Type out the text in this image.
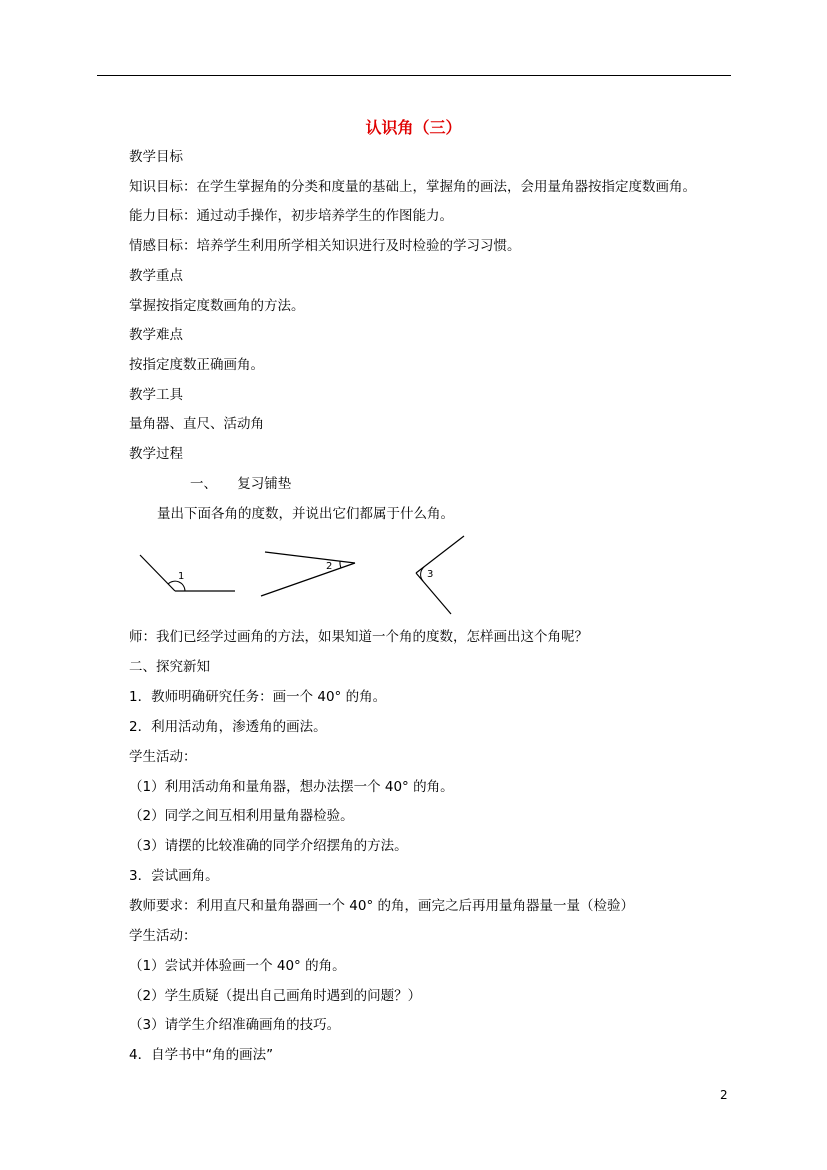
认识角（三）
教学目标
知识目标：在学生掌握角的分类和度量的基础上，掌握角的画法，会用量角器按指定度数画角。
能力目标：通过动手操作，初步培养学生的作图能力。
情感目标：培养学生利用所学相关知识进行及时检验的学习习惯。
教学重点
掌握按指定度数画角的方法。
教学难点
按指定度数正确画角。
教学工具
量角器、直尺、活动角
教学过程
一、　　复习铺垫
量出下面各角的度数，并说出它们都属于什么角。
1
2
3
师：我们已经学过画角的方法，如果知道一个角的度数，怎样画出这个角呢？
二、探究新知
1．教师明确研究任务：画一个 40° 的角。
2．利用活动角，渗透角的画法。
学生活动：
（1）利用活动角和量角器，想办法摆一个 40° 的角。
（2）同学之间互相利用量角器检验。
（3）请摆的比较准确的同学介绍摆角的方法。
3．尝试画角。
教师要求：利用直尺和量角器画一个 40° 的角，画完之后再用量角器量一量（检验）
学生活动：
（1）尝试并体验画一个 40° 的角。
（2）学生质疑（提出自己画角时遇到的问题？）
（3）请学生介绍准确画角的技巧。
4．自学书中“角的画法”
2
